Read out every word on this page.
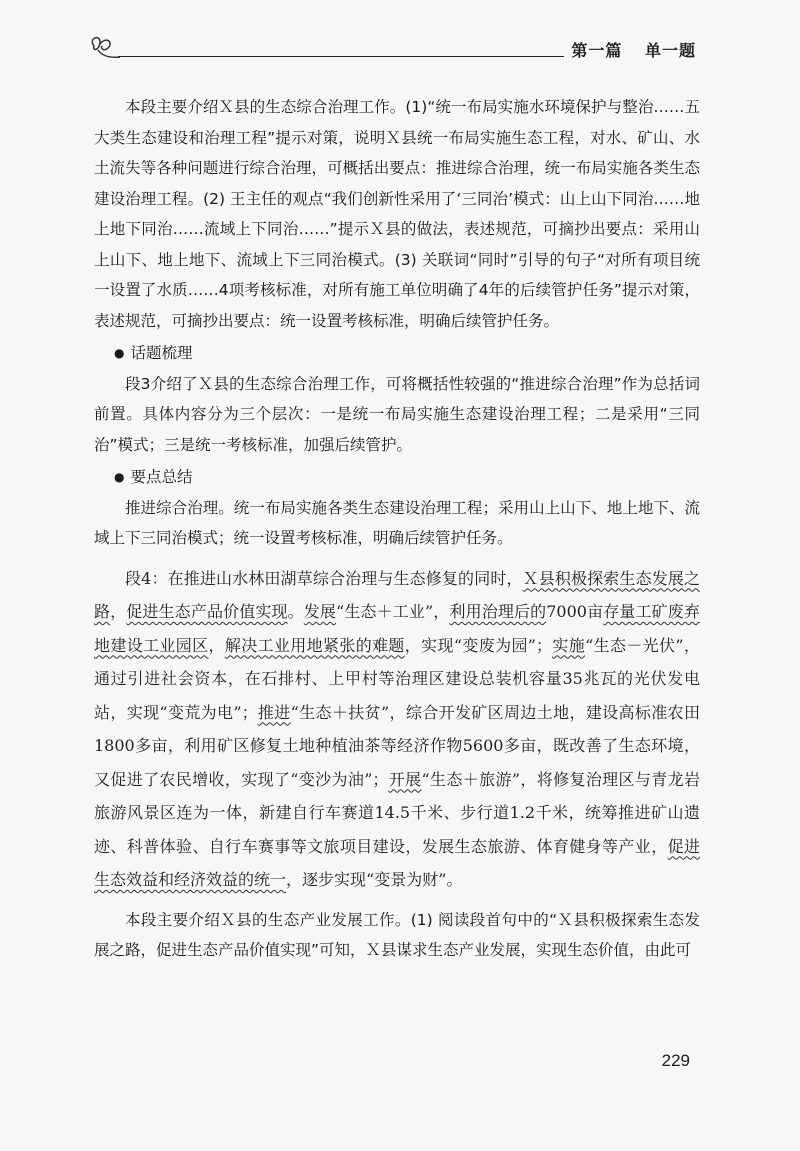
第一篇 单一题

本段主要介绍Ｘ县的生态综合治理工作。(1)“统一布局实施水环境保护与整治……五大类生态建设和治理工程”提示对策，说明Ｘ县统一布局实施生态工程，对水、矿山、水土流失等各种问题进行综合治理，可概括出要点：推进综合治理，统一布局实施各类生态建设治理工程。(2) 王主任的观点“我们创新性采用了‘三同治’模式：山上山下同治……地上地下同治……流域上下同治……”提示Ｘ县的做法，表述规范，可摘抄出要点：采用山上山下、地上地下、流域上下三同治模式。(3) 关联词“同时”引导的句子“对所有项目统一设置了水质……4项考核标准，对所有施工单位明确了4年的后续管护任务”提示对策，表述规范，可摘抄出要点：统一设置考核标准，明确后续管护任务。

● 话题梳理

段3介绍了Ｘ县的生态综合治理工作，可将概括性较强的“推进综合治理”作为总括词前置。具体内容分为三个层次：一是统一布局实施生态建设治理工程；二是采用“三同治”模式；三是统一考核标准，加强后续管护。

● 要点总结

推进综合治理。统一布局实施各类生态建设治理工程；采用山上山下、地上地下、流域上下三同治模式；统一设置考核标准，明确后续管护任务。

段4：在推进山水林田湖草综合治理与生态修复的同时，Ｘ县积极探索生态发展之路，促进生态产品价值实现。发展“生态＋工业”，利用治理后的7000亩存量工矿废弃地建设工业园区，解决工业用地紧张的难题，实现“变废为园”；实施“生态－光伏”，通过引进社会资本，在石排村、上甲村等治理区建设总装机容量35兆瓦的光伏发电站，实现“变荒为电”；推进“生态＋扶贫”，综合开发矿区周边土地，建设高标准农田1800多亩，利用矿区修复土地种植油茶等经济作物5600多亩，既改善了生态环境，又促进了农民增收，实现了“变沙为油”；开展“生态＋旅游”，将修复治理区与青龙岩旅游风景区连为一体，新建自行车赛道14.5千米、步行道1.2千米，统筹推进矿山遗迹、科普体验、自行车赛事等文旅项目建设，发展生态旅游、体育健身等产业，促进生态效益和经济效益的统一，逐步实现“变景为财”。

本段主要介绍Ｘ县的生态产业发展工作。(1) 阅读段首句中的“Ｘ县积极探索生态发展之路，促进生态产品价值实现”可知，Ｘ县谋求生态产业发展，实现生态价值，由此可

229
